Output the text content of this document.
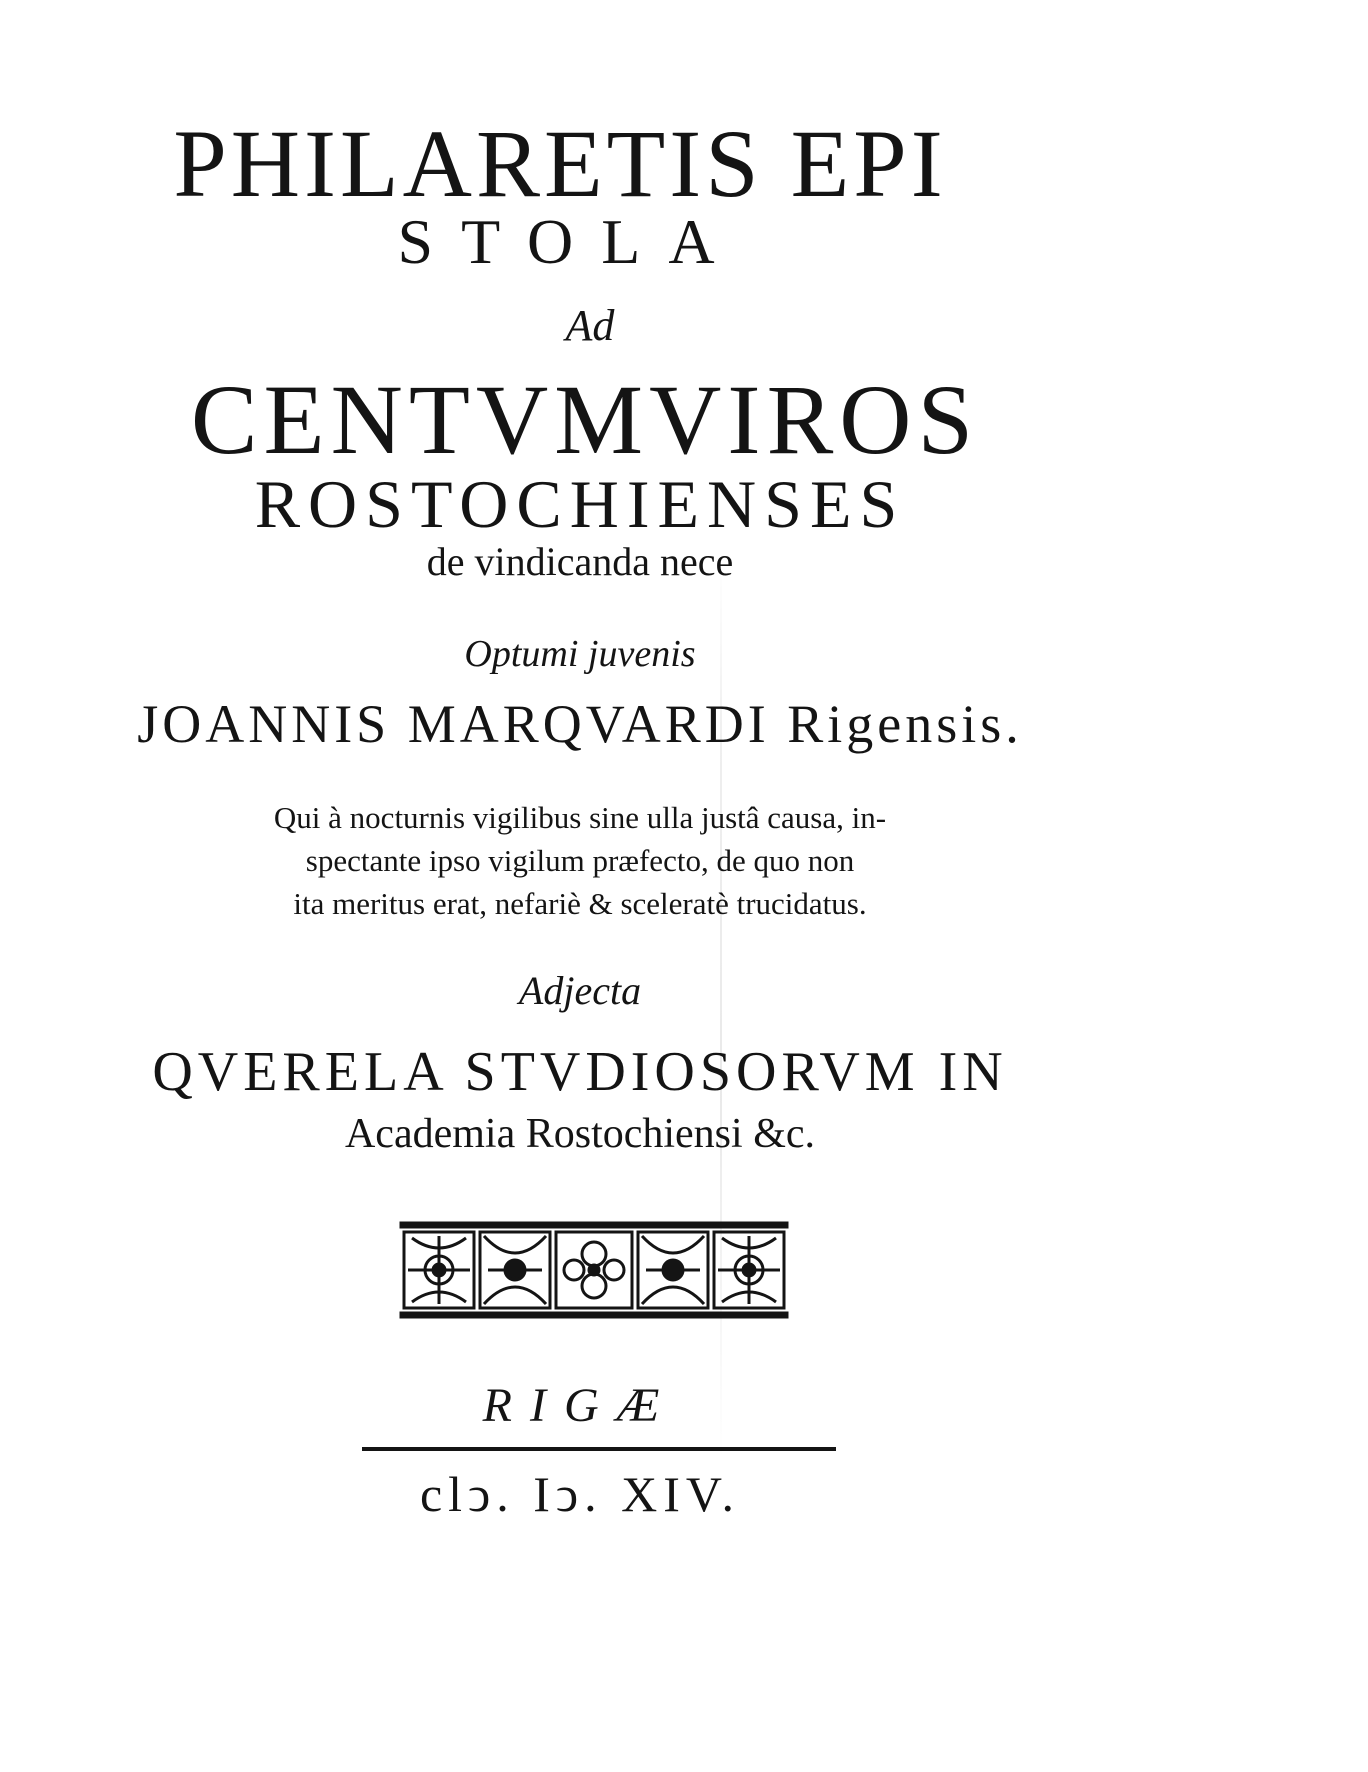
PHILARETIS EPI
STOLA
Ad
CENTVMVIROS
ROSTOCHIENSES
de vindicanda nece
Optumi juvenis
JOANNIS MARQVARDI Rigensis.
Qui à nocturnis vigilibus sine ulla justâ causa, in-
spectante ipso vigilum præfecto, de quo non
ita meritus erat, nefariè & sceleratè trucidatus.
Adjecta
QVERELA STVDIOSORVM IN
Academia Rostochiensi &c.
RIGÆ
clↄ. Iↄ. XIV.
